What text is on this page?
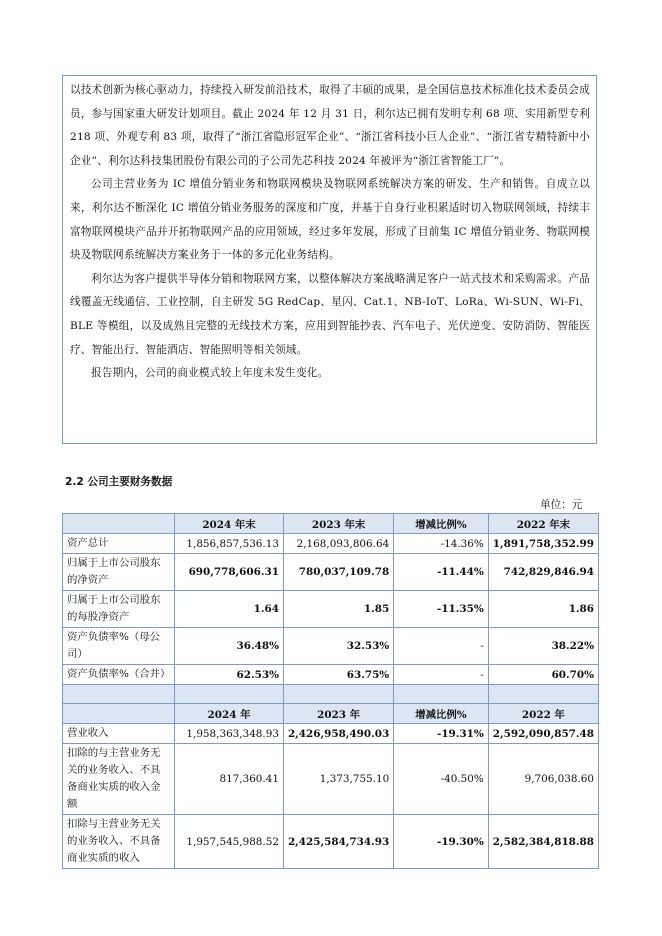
以技术创新为核心驱动力，持续投入研发前沿技术，取得了丰硕的成果，是全国信息技术标准化技术委员会成员，参与国家重大研发计划项目。截止 2024 年 12 月 31 日，利尔达已拥有发明专利 68 项、实用新型专利 218 项、外观专利 83 项，取得了“浙江省隐形冠军企业”、“浙江省科技小巨人企业”、“浙江省专精特新中小企业”、利尔达科技集团股份有限公司的子公司先芯科技 2024 年被评为“浙江省智能工厂”。

公司主营业务为 IC 增值分销业务和物联网模块及物联网系统解决方案的研发、生产和销售。自成立以来，利尔达不断深化 IC 增值分销业务服务的深度和广度，并基于自身行业积累适时切入物联网领域，持续丰富物联网模块产品并开拓物联网产品的应用领域，经过多年发展，形成了目前集 IC 增值分销业务、物联网模块及物联网系统解决方案业务于一体的多元化业务结构。

利尔达为客户提供半导体分销和物联网方案，以整体解决方案战略满足客户一站式技术和采购需求。产品线覆盖无线通信、工业控制，自主研发 5G RedCap、星闪、Cat.1、NB-IoT、LoRa、Wi-SUN、Wi-Fi、BLE 等模组，以及成熟且完整的无线技术方案，应用到智能抄表、汽车电子、光伏逆变、安防消防、智能医疗、智能出行、智能酒店、智能照明等相关领域。

报告期内，公司的商业模式较上年度未发生变化。

2.2 公司主要财务数据
单位：元
	2024 年末	2023 年末	增减比例%	2022 年末
资产总计	1,856,857,536.13	2,168,093,806.64	-14.36%	1,891,758,352.99
归属于上市公司股东的净资产	690,778,606.31	780,037,109.78	-11.44%	742,829,846.94
归属于上市公司股东的每股净资产	1.64	1.85	-11.35%	1.86
资产负债率%（母公司）	36.48%	32.53%	-	38.22%
资产负债率%（合并）	62.53%	63.75%	-	60.70%

	2024 年	2023 年	增减比例%	2022 年
营业收入	1,958,363,348.93	2,426,958,490.03	-19.31%	2,592,090,857.48
扣除的与主营业务无关的业务收入、不具备商业实质的收入金额	817,360.41	1,373,755.10	-40.50%	9,706,038.60
扣除与主营业务无关的业务收入、不具备商业实质的收入	1,957,545,988.52	2,425,584,734.93	-19.30%	2,582,384,818.88
